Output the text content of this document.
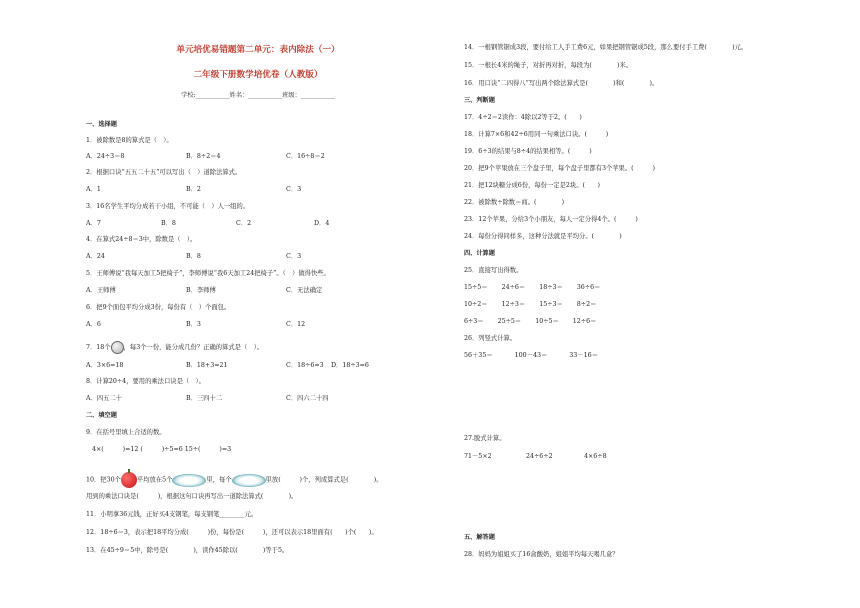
单元培优易错题第二单元：表内除法（一）
二年级下册数学培优卷（人教版）
学校:___________姓名：___________班级：___________
一、选择题
1．被除数是8的算式是（　）。
A．24÷3＝8	B．8÷2＝4	C．16÷8＝2
2．根据口诀“五五二十五”可以写出（　）道除法算式。
A．1	B．2	C．3
3．16名学生平均分成若干小组，不可能（　）人一组的。
A．7	B．8	C．2	D．4
4．在算式24÷8＝3中，除数是（　）。
A．24	B．8	C．3
5．王师傅说“我每天加工5把椅子”，李师傅说“我6天加工24把椅子”。（　）做得快些。
A．王师傅	B．李师傅	C．无法确定
6．把9个面包平均分成3份，每份有（　）个面包。
A．6	B．3	C．12
7．18个 ，每3个一份，能分成几份？正确的算式是（　）。
A．3×6=18	B．18+3=21	C．18÷6=3 D．18÷3=6
8．计算20÷4，要用的乘法口诀是（　）。
A．四五二十	B．三四十二	C．四六二十四
二、填空题
9．在括号里填上合适的数。
4×(　　　)=12 (　　　)÷5=6 15÷(　　　)=3
10．把30个	平均放在5个	里，每个	里放(　　　)个，列成算式是(　　　　)。
用到的乘法口诀是(　　　)，根据这句口诀再写出一道除法算式(　　　　)。
11．小明拿36元钱，正好买4支钢笔，每支钢笔________元。
12．18÷6＝3，表示把18平均分成(　　　)份，每份是(　　　)，还可以表示18里面有(　　)个(　　)。
13．在45÷9＝5中，除号是(　　　　)，读作45除以(　　　　)等于5。
14．一根钢管锯成3段，要付给工人手工费6元，如果把钢管锯成5段，那么要付手工费(　　　　)元。
15．一根长4米的绳子，对折再对折，每段为(　　　　)米。
16．用口诀“二四得八”写出两个除法算式是(　　　　)和(　　　　)。
三、判断题
17．4÷2＝2读作：4除以2等于2。(　　)
18．计算7×6和42÷6用同一句乘法口诀。(　　　)
19．6÷3的结果与8÷4的结果相等。(　　　)
20．把9个苹果放在三个盘子里，每个盘子里都有3个苹果。(　　　)
21．把12块糖分成6份，每份一定是2块。(　　)
22．被除数÷除数＝商。(　　　　)
23．12个苹果，分给3个小朋友，每人一定分得4个。(　　　)
24．每份分得同样多，这种分法就是平均分。(　　　　)
四、计算题
25．直接写出得数。
15÷5＝ 24÷6＝ 18÷3＝ 36÷6＝
10÷2＝ 12÷3＝ 15÷3＝ 8÷2＝
6÷3＝ 25÷5＝ 10÷5＝ 12÷6＝
26．列竖式计算。
56＋35＝	100－43＝	33－16＝
27.脱式计算。
71－5×2	24÷6÷2	4×6÷8
五、解答题
28．妈妈为姐姐买了16盒酸奶，姐姐平均每天喝几盒？
